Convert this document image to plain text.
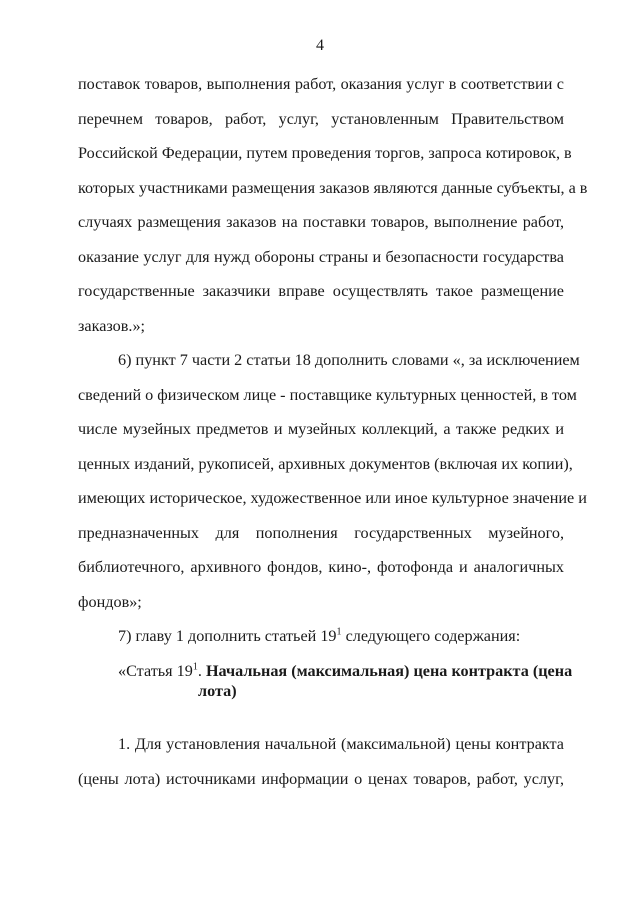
4
поставок товаров, выполнения работ, оказания услуг в соответствии с
перечнем товаров, работ, услуг, установленным Правительством
Российской Федерации, путем проведения торгов, запроса котировок, в
которых участниками размещения заказов являются данные субъекты, а в
случаях размещения заказов на поставки товаров, выполнение работ,
оказание услуг для нужд обороны страны и безопасности государства
государственные заказчики вправе осуществлять такое размещение
заказов.»;
6) пункт 7 части 2 статьи 18 дополнить словами «, за исключением
сведений о физическом лице - поставщике культурных ценностей, в том
числе музейных предметов и музейных коллекций, а также редких и
ценных изданий, рукописей, архивных документов (включая их копии),
имеющих историческое, художественное или иное культурное значение и
предназначенных для пополнения государственных музейного,
библиотечного, архивного фондов, кино-, фотофонда и аналогичных
фондов»;
7) главу 1 дополнить статьей $19^1$ следующего содержания:
«Статья $19^1$. Начальная (максимальная) цена контракта (цена
лота)
1. Для установления начальной (максимальной) цены контракта
(цены лота) источниками информации о ценах товаров, работ, услуг,
